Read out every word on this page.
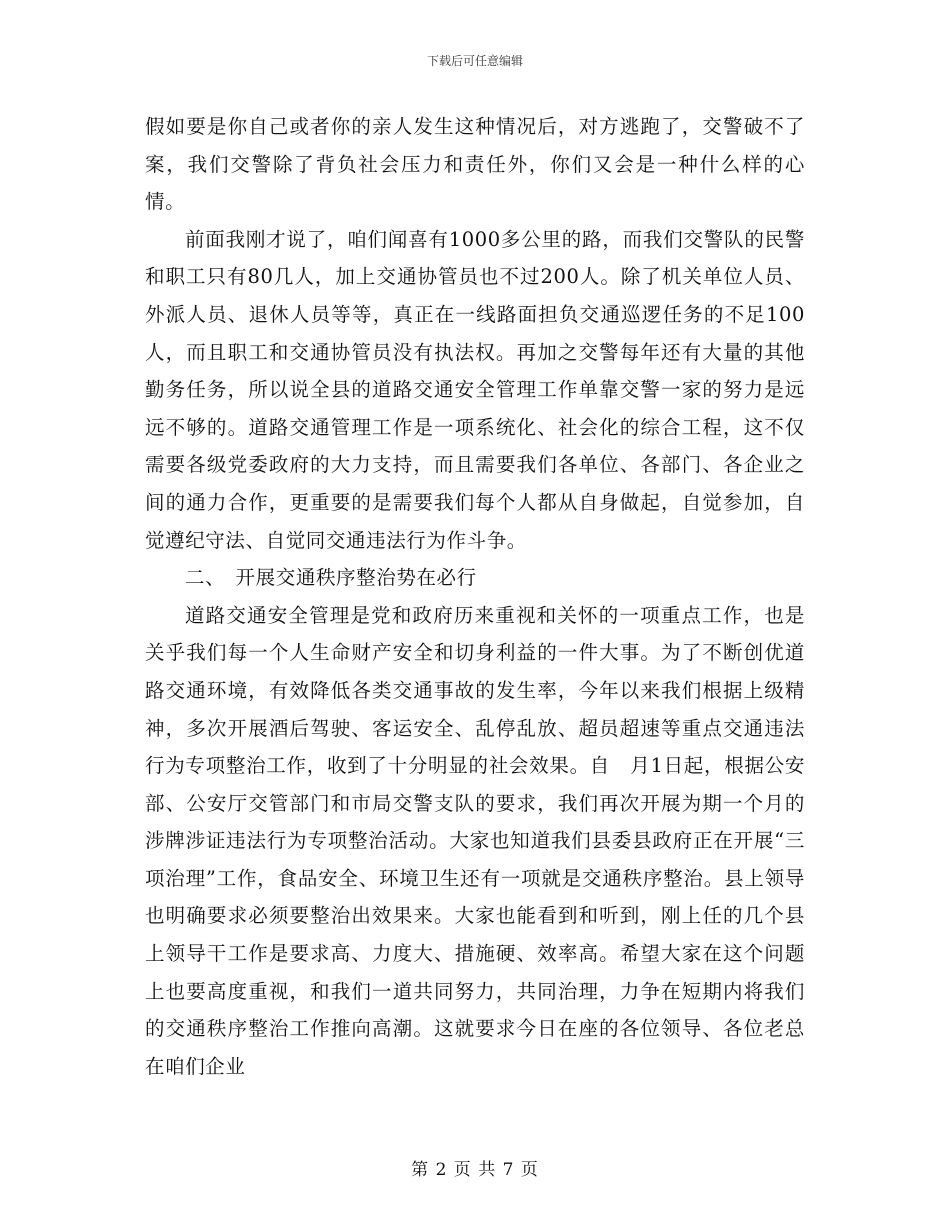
下载后可任意编辑

假如要是你自己或者你的亲人发生这种情况后，对方逃跑了，交警破不了案，我们交警除了背负社会压力和责任外，你们又会是一种什么样的心情。

前面我刚才说了，咱们闻喜有1000多公里的路，而我们交警队的民警和职工只有80几人，加上交通协管员也不过200人。除了机关单位人员、外派人员、退休人员等等，真正在一线路面担负交通巡逻任务的不足100人，而且职工和交通协管员没有执法权。再加之交警每年还有大量的其他勤务任务，所以说全县的道路交通安全管理工作单靠交警一家的努力是远远不够的。道路交通管理工作是一项系统化、社会化的综合工程，这不仅需要各级党委政府的大力支持，而且需要我们各单位、各部门、各企业之间的通力合作，更重要的是需要我们每个人都从自身做起，自觉参加，自觉遵纪守法、自觉同交通违法行为作斗争。

二、　开展交通秩序整治势在必行

道路交通安全管理是党和政府历来重视和关怀的一项重点工作，也是关乎我们每一个人生命财产安全和切身利益的一件大事。为了不断创优道路交通环境，有效降低各类交通事故的发生率，今年以来我们根据上级精神，多次开展酒后驾驶、客运安全、乱停乱放、超员超速等重点交通违法行为专项整治工作，收到了十分明显的社会效果。自　月1日起，根据公安部、公安厅交管部门和市局交警支队的要求，我们再次开展为期一个月的涉牌涉证违法行为专项整治活动。大家也知道我们县委县政府正在开展“三项治理”工作，食品安全、环境卫生还有一项就是交通秩序整治。县上领导也明确要求必须要整治出效果来。大家也能看到和听到，刚上任的几个县上领导干工作是要求高、力度大、措施硬、效率高。希望大家在这个问题上也要高度重视，和我们一道共同努力，共同治理，力争在短期内将我们的交通秩序整治工作推向高潮。这就要求今日在座的各位领导、各位老总在咱们企业

第 2 页 共 7 页
